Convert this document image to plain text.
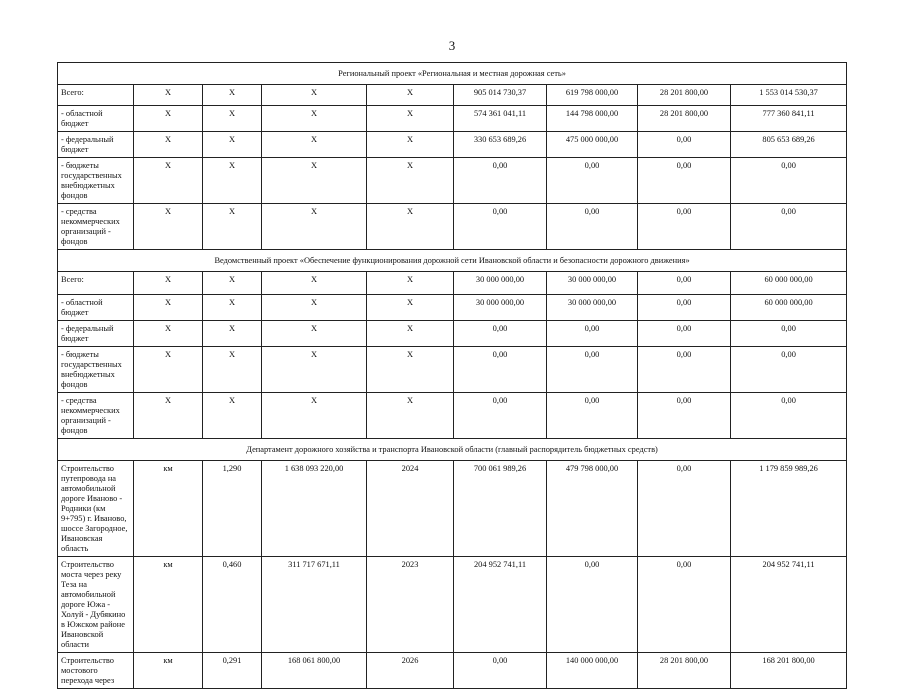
3
Региональный проект «Региональная и местная дорожная сеть»								
Всего:	X	X	X	X	905 014 730,37	619 798 000,00	28 201 800,00	1 553 014 530,37
- областной бюджет	X	X	X	X	574 361 041,11	144 798 000,00	28 201 800,00	777 360 841,11
- федеральный бюджет	X	X	X	X	330 653 689,26	475 000 000,00	0,00	805 653 689,26
- бюджеты государственных внебюджетных фондов	X	X	X	X	0,00	0,00	0,00	0,00
- средства некоммерческих организаций - фондов	X	X	X	X	0,00	0,00	0,00	0,00
Ведомственный проект «Обеспечение функционирования дорожной сети Ивановской области и безопасности дорожного движения»								
Всего:	X	X	X	X	30 000 000,00	30 000 000,00	0,00	60 000 000,00
- областной бюджет	X	X	X	X	30 000 000,00	30 000 000,00	0,00	60 000 000,00
- федеральный бюджет	X	X	X	X	0,00	0,00	0,00	0,00
- бюджеты государственных внебюджетных фондов	X	X	X	X	0,00	0,00	0,00	0,00
- средства некоммерческих организаций - фондов	X	X	X	X	0,00	0,00	0,00	0,00
Департамент дорожного хозяйства и транспорта Ивановской области (главный распорядитель бюджетных средств)								
Строительство путепровода на автомобильной дороге Иваново - Родники (км 9+795) г. Иваново, шоссе Загородное, Ивановская область	км	1,290	1 638 093 220,00	2024	700 061 989,26	479 798 000,00	0,00	1 179 859 989,26
Строительство моста через реку Теза на автомобильной дороге Южа - Холуй - Дубякино в Южском районе Ивановской области	км	0,460	311 717 671,11	2023	204 952 741,11	0,00	0,00	204 952 741,11
Строительство мостового перехода через	км	0,291	168 061 800,00	2026	0,00	140 000 000,00	28 201 800,00	168 201 800,00
